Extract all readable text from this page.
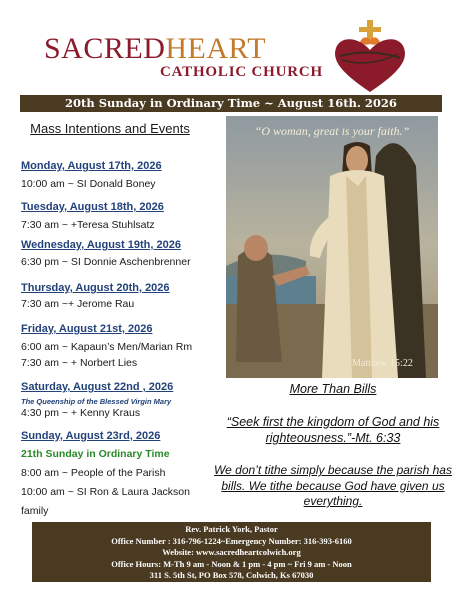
SACREDHEART
CATHOLIC CHURCH
20th Sunday in Ordinary Time ~ August 16th. 2026
Mass Intentions and Events
Monday, August 17th, 2026
10:00 am ~ SI Donald Boney
Tuesday, August 18th, 2026
7:30 am ~ +Teresa Stuhlsatz
Wednesday, August 19th, 2026
6:30 pm ~ SI Donnie Aschenbrenner
Thursday, August 20th, 2026
7:30 am ~+ Jerome Rau
Friday, August 21st, 2026
6:00 am ~ Kapaun’s Men/Marian Rm
7:30 am ~ + Norbert Lies
Saturday, August 22nd , 2026
The Queenship of the Blessed Virgin Mary
4:30 pm ~ + Kenny Kraus
Sunday, August 23rd, 2026
21th Sunday in Ordinary Time
8:00 am ~ People of the Parish
10:00 am ~ SI Ron & Laura Jackson
family
“O woman, great is your faith.”
Matthew 15:22
More Than Bills
“Seek first the kingdom of God and his righteousness.”-Mt. 6:33
We don’t tithe simply because the parish has bills. We tithe because God have given us everything.
Rev. Patrick York, Pastor
Office Number : 316-796-1224~Emergency Number: 316-393-6160
Website: www.sacredheartcolwich.org
Office Hours: M-Th 9 am - Noon & 1 pm - 4 pm ~ Fri 9 am - Noon
311 S. 5th St, PO Box 578, Colwich, Ks 67030
